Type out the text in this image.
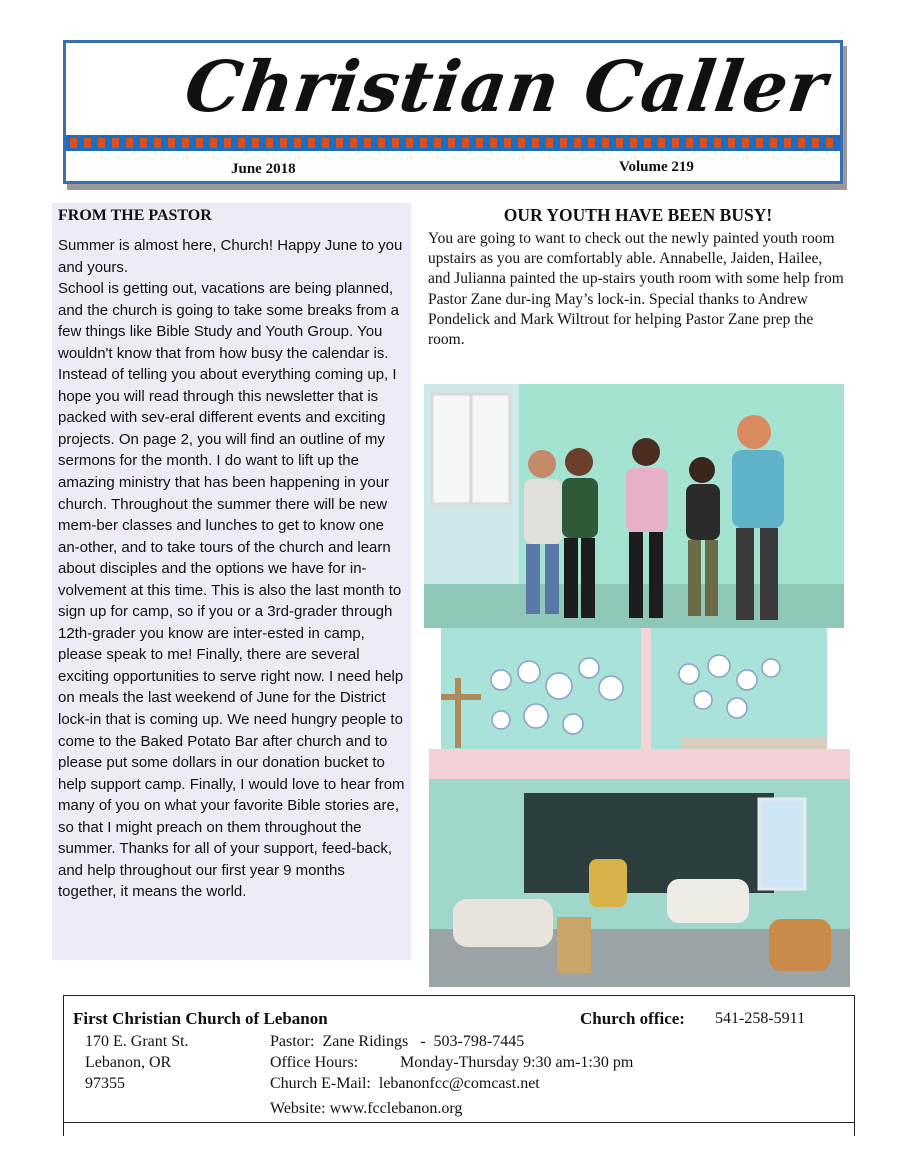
Christian Caller
June 2018	Volume 219
FROM THE PASTOR

Summer is almost here, Church! Happy June to you and yours.
School is getting out, vacations are being planned, and the church is going to take some breaks from a few things like Bible Study and Youth Group. You wouldn't know that from how busy the calendar is. Instead of telling you about everything coming up, I hope you will read through this newsletter that is packed with sev-eral different events and exciting projects. On page 2, you will find an outline of my sermons for the month. I do want to lift up the amazing ministry that has been happening in your church. Throughout the summer there will be new mem-ber classes and lunches to get to know one an-other, and to take tours of the church and learn about disciples and the options we have for in-volvement at this time. This is also the last month to sign up for camp, so if you or a 3rd-grader through 12th-grader you know are inter-ested in camp, please speak to me! Finally, there are several exciting opportunities to serve right now. I need help on meals the last weekend of June for the District lock-in that is coming up. We need hungry people to come to the Baked Potato Bar after church and to please put some dollars in our donation bucket to help support camp. Finally, I would love to hear from many of you on what your favorite Bible stories are, so that I might preach on them throughout the summer. Thanks for all of your support, feed-back, and help throughout our first year 9 months together, it means the world.

OUR YOUTH HAVE BEEN BUSY!

You are going to want to check out the newly painted youth room upstairs as you are comfortably able. Annabelle, Jaiden, Hailee, and Julianna painted the up-stairs youth room with some help from Pastor Zane dur-ing May’s lock-in. Special thanks to Andrew Pondelick and Mark Wiltrout for helping Pastor Zane prep the room.

First Christian Church of Lebanon	Church office: 541-258-5911
170 E. Grant St.
Lebanon, OR
97355
Pastor:  Zane Ridings   -  503-798-7445
Office Hours:	Monday-Thursday 9:30 am-1:30 pm
Church E-Mail:  lebanonfcc@comcast.net
Website: www.fcclebanon.org
